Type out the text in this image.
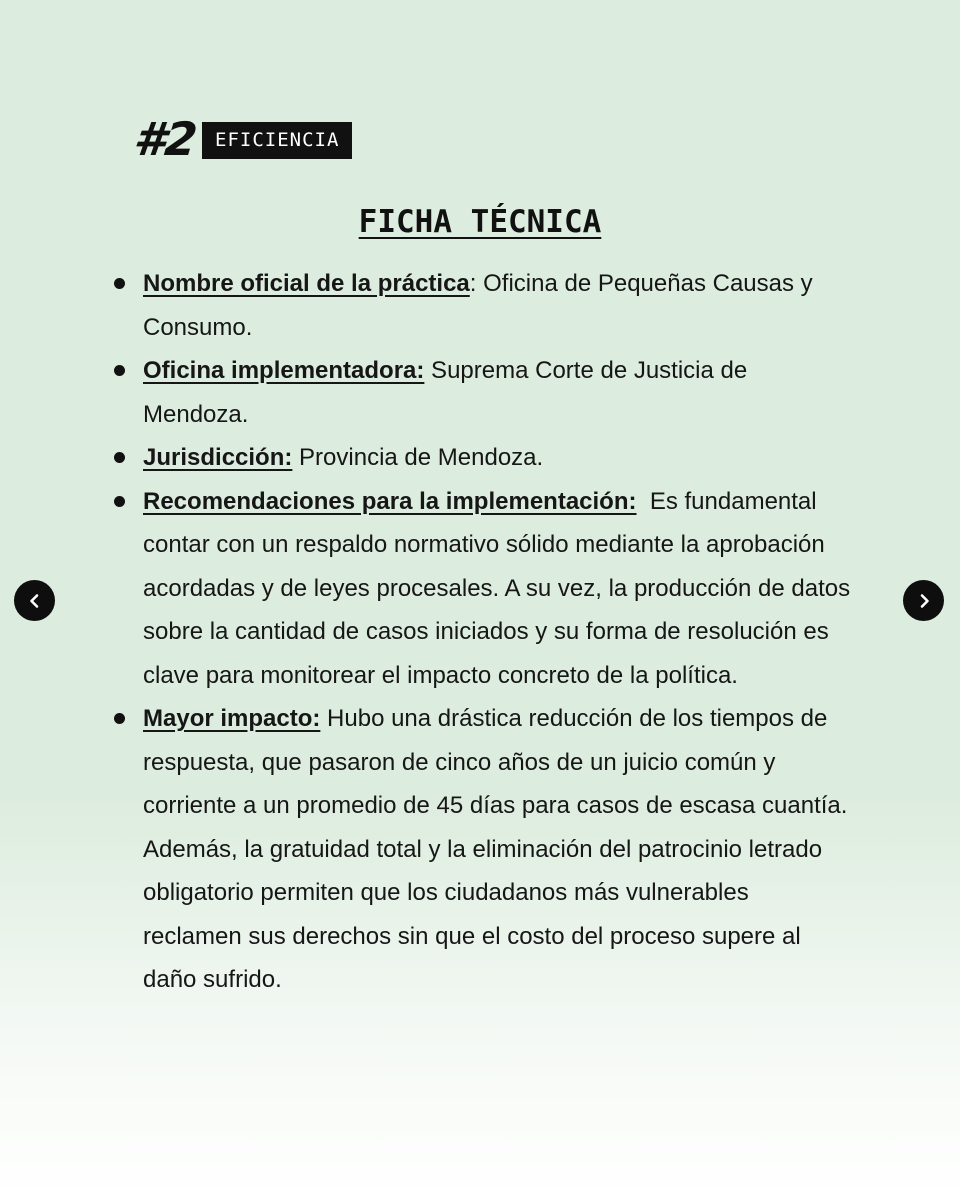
#2 EFICIENCIA
FICHA TÉCNICA
Nombre oficial de la práctica: Oficina de Pequeñas Causas y Consumo.
Oficina implementadora: Suprema Corte de Justicia de Mendoza.
Jurisdicción: Provincia de Mendoza.
Recomendaciones para la implementación:  Es fundamental contar con un respaldo normativo sólido mediante la aprobación acordadas y de leyes procesales. A su vez, la producción de datos sobre la cantidad de casos iniciados y su forma de resolución es clave para monitorear el impacto concreto de la política.
Mayor impacto: Hubo una drástica reducción de los tiempos de respuesta, que pasaron de cinco años de un juicio común y corriente a un promedio de 45 días para casos de escasa cuantía. Además, la gratuidad total y la eliminación del patrocinio letrado obligatorio permiten que los ciudadanos más vulnerables reclamen sus derechos sin que el costo del proceso supere al daño sufrido.
